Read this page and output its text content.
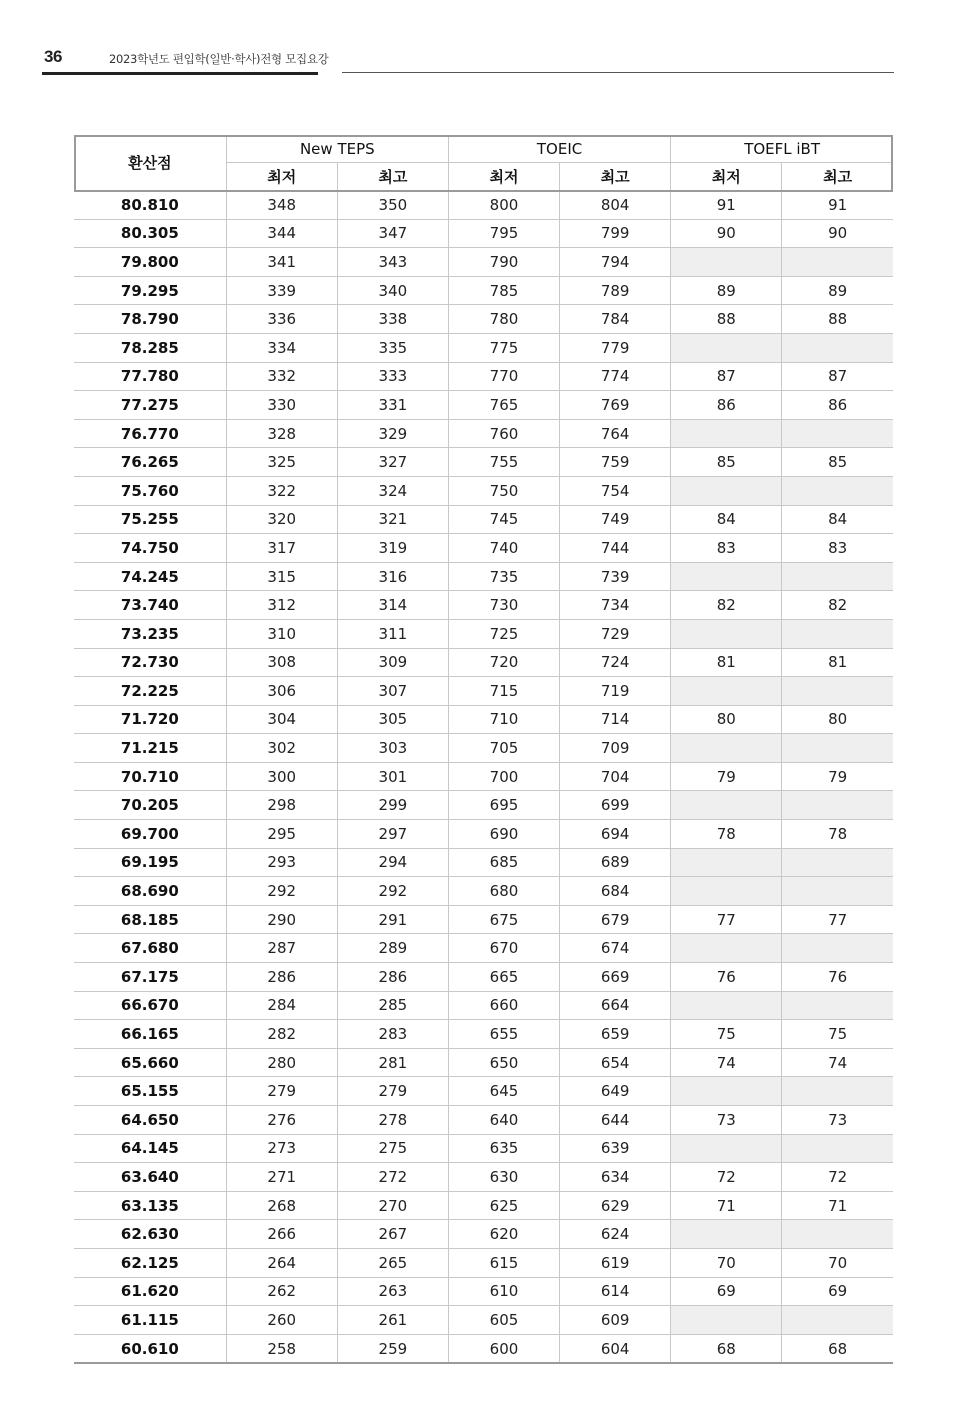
36	2023학년도 편입학(일반·학사)전형 모집요강
환산점	New TEPS		TOEIC		TOEFL iBT	
	최저	최고	최저	최고	최저	최고
80.810	348	350	800	804	91	91
80.305	344	347	795	799	90	90
79.800	341	343	790	794		
79.295	339	340	785	789	89	89
78.790	336	338	780	784	88	88
78.285	334	335	775	779		
77.780	332	333	770	774	87	87
77.275	330	331	765	769	86	86
76.770	328	329	760	764		
76.265	325	327	755	759	85	85
75.760	322	324	750	754		
75.255	320	321	745	749	84	84
74.750	317	319	740	744	83	83
74.245	315	316	735	739		
73.740	312	314	730	734	82	82
73.235	310	311	725	729		
72.730	308	309	720	724	81	81
72.225	306	307	715	719		
71.720	304	305	710	714	80	80
71.215	302	303	705	709		
70.710	300	301	700	704	79	79
70.205	298	299	695	699		
69.700	295	297	690	694	78	78
69.195	293	294	685	689		
68.690	292	292	680	684		
68.185	290	291	675	679	77	77
67.680	287	289	670	674		
67.175	286	286	665	669	76	76
66.670	284	285	660	664		
66.165	282	283	655	659	75	75
65.660	280	281	650	654	74	74
65.155	279	279	645	649		
64.650	276	278	640	644	73	73
64.145	273	275	635	639		
63.640	271	272	630	634	72	72
63.135	268	270	625	629	71	71
62.630	266	267	620	624		
62.125	264	265	615	619	70	70
61.620	262	263	610	614	69	69
61.115	260	261	605	609		
60.610	258	259	600	604	68	68
